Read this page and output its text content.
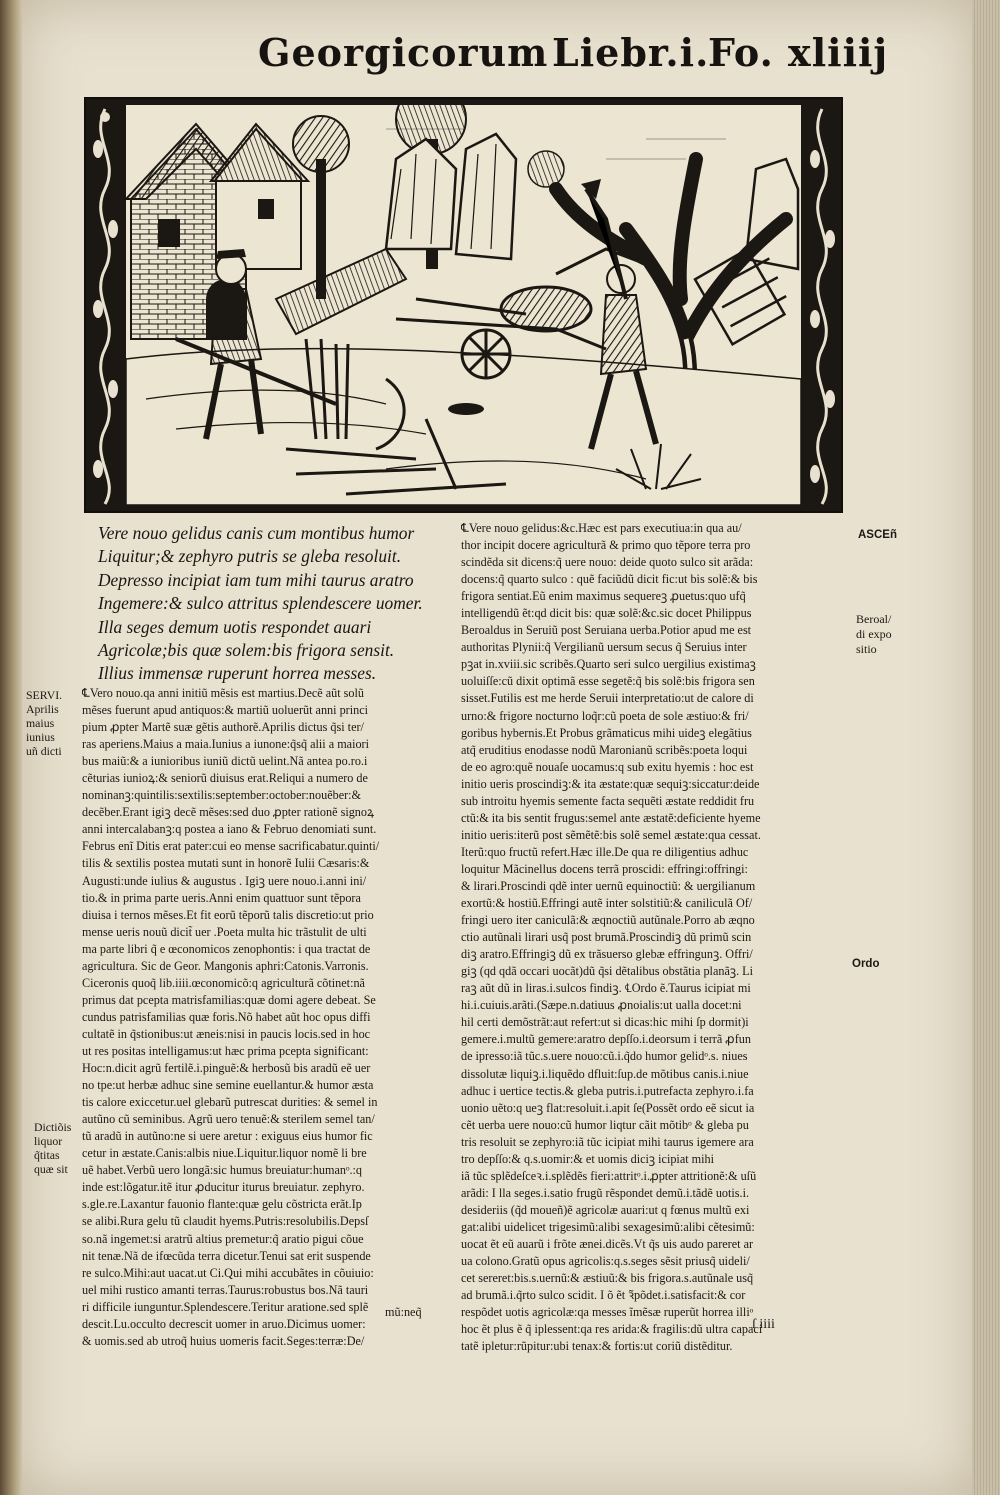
Georgicorum Liebr.i.
Fo. xliiij
Vere nouo gelidus canis cum montibus humor
Liquitur;& zephyro putris se gleba resoluit.
Depresso incipiat iam tum mihi taurus aratro
Ingemere:& sulco attritus splendescere uomer.
Illa seges demum uotis respondet auari
Agricolæ;bis quæ solem:bis frigora sensit.
Illius immensæ ruperunt horrea messes.
℄Vero nouo.qa anni initiũ mẽsis est martius.Decẽ aũt solũ
mẽses fuerunt apud antiquos:& martiũ uoluerũt anni princi
pium ꝓpter Martẽ suæ gẽtis authorẽ.Aprilis dictus q̃si ter/
ras aperiens.Maius a maia.Iunius a iunone:q̃sq̃ alii a maiori
bus maiũ:& a iunioribus iuniũ dictũ uelint.Nã antea po.ro.i
cẽturias iunioꝝ:& seniorũ diuisus erat.Reliqui a numero de
nominanꝫ:quintilis:sextilis:september:october:nouẽber:&
decẽber.Erant igiꝫ decẽ mẽses:sed duo ꝓpter rationẽ signoꝝ
anni intercalabanꝫ:q postea a iano & Februo denomiati sunt.
Februs enĩ Ditis erat pater:cui eo mense sacrificabatur.quinti/
tilis & sextilis postea mutati sunt in honorẽ Iulii Cæsaris:&
Augusti:unde iulius & augustus . Igiꝫ uere nouo.i.anni ini/
tio.& in prima parte ueris.Anni enim quattuor sunt tẽpora
diuisa i ternos mẽses.Et fit eorũ tẽporũ talis discretio:ut prio
mense ueris nouũ dicit̃ uer .Poeta multa hic trãstulit de ulti
ma parte libri q̃ e œconomicos zenophontis: i qua tractat de
agricultura. Sic de Geor. Mangonis aphri:Catonis.Varronis.
Ciceronis quoq̃ lib.iiii.œconomicõ:q agriculturã cõtinet:nã
primus dat pcepta matrisfamilias:quæ domi agere debeat. Se
cundus patrisfamilias quæ foris.Nõ habet aũt hoc opus diffi
cultatẽ in q̃stionibus:ut æneis:nisi in paucis locis.sed in hoc
ut res positas intelligamus:ut hæc prima pcepta significant:
Hoc:n.dicit agrũ fertilẽ.i.pinguẽ:& herbosũ bis aradũ eẽ uer
no tpe:ut herbæ adhuc sine semine euellantur.& humor æsta
tis calore exiccetur.uel glebarũ putrescat durities: & semel in
autũno cũ seminibus. Agrũ uero tenuẽ:& sterilem semel tan/
tũ aradũ in autũno:ne si uere aretur : exiguus eius humor fic
cetur in æstate.Canis:albis niue.Liquitur.liquor nomẽ li bre
uẽ habet.Verbũ uero longã:sic humus breuiatur:humanᵒ.:q
inde est:lõgatur.itẽ itur ꝓducitur iturus breuiatur. zephyro.
s.gle.re.Laxantur fauonio flante:quæ gelu cõstricta erãt.Ip
se alibi.Rura gelu tũ claudit hyems.Putris:resolubilis.Depsſ
so.nã ingemet:si aratrũ altius premetur:q̃ aratio pigui cõue
nit tenæ.Nã de ifœcũda terra dicetur.Tenui sat erit suspende
re sulco.Mihi:aut uacat.ut Ci.Qui mihi accubãtes in cõuiuio:
uel mihi rustico amanti terras.Taurus:robustus bos.Nã tauri
ri difficile iunguntur.Splendescere.Teritur aratione.sed splẽ
descit.Lu.occulto decrescit uomer in aruo.Dicimus uomer:
& uomis.sed ab utroq̃ huius uomeris facit.Seges:terræ:De/
mũ:neq̃
℄Vere nouo gelidus:&c.Hæc est pars executiua:in qua au/
thor incipit docere agriculturã & primo quo tẽpore terra pro
scindẽda sit dicens:q̃ uere nouo: deide quoto sulco sit arãda:
docens:q̃ quarto sulco : quẽ faciũdũ dicit fic:ut bis solẽ:& bis
frigora sentiat.Eũ enim maximus sequereꝫ ꝓuetus:quo ufq̃
intelligendũ ẽt:qd dicit bis: quæ solẽ:&c.sic docet Philippus
Beroaldus in Seruiũ post Seruiana uerba.Potior apud me est
authoritas Plynii:q̃ Vergilianũ uersum secus q̃ Seruius inter
pꝫat in.xviii.sic scribẽs.Quarto seri sulco uergilius existimaꝫ
uoluiſſe:cũ dixit optimã esse segetẽ:q̃ bis solẽ:bis frigora sen
sisset.Futilis est me herde Seruii interpretatio:ut de calore di
urno:& frigore nocturno loq̃r:cũ poeta de sole æstiuo:& fri/
goribus hybernis.Et Probus grãmaticus mihi uideꝫ elegãtius
atq̃ eruditius enodasse nodũ Maronianũ scribẽs:poeta loqui
de eo agro:quẽ nouaſe uocamus:q sub exitu hyemis : hoc est
initio ueris proscindiꝫ:& ita æstate:quæ sequiꝫ:siccatur:deide
sub introitu hyemis semente facta sequẽti æstate reddidit fru
ctũ:& ita bis sentit frugus:semel ante æstatẽ:deficiente hyeme
initio ueris:iterũ post sẽmẽtẽ:bis solẽ semel æstate:qua cessat.
Iterũ:quo fructũ refert.Hæc ille.De qua re diligentius adhuc
loquitur Mãcinellus docens terrã proscidi: effringi:offringi:
& lirari.Proscindi qdẽ inter uernũ equinoctiũ: & uergilianum
exortũ:& hostiũ.Effringi autẽ inter solstitiũ:& caniliculã Of/
fringi uero iter caniculã:& æqnoctiũ autũnale.Porro ab æqno
ctio autũnali lirari usq̃ post brumã.Proscindiꝫ dũ primũ scin
diꝫ aratro.Effringiꝫ dũ ex trãsuerso glebæ effringunꝫ. Offri/
giꝫ (qd qdã occari uocãt)dũ q̃si dẽtalibus obstãtia planãꝫ. Li
raꝫ aũt dũ in liras.i.sulcos findiꝫ. ℄Ordo ẽ.Taurus icipiat mi
hi.i.cuiuis.arãti.(Sæpe.n.datiuus ꝓnoialis:ut ualla docet:ni
hil certi demõstrãt:aut refert:ut si dicas:hic mihi ſp dormit)i
gemere.i.multũ gemere:aratro depſſo.i.deorsum i terrã ꝓfun
de ipresso:iã tũc.s.uere nouo:cũ.i.q̃do humor gelidᵒ.s. niues
dissolutæ liquiꝫ.i.liquẽdo dfluit:ſup.de mõtibus canis.i.niue
adhuc i uertice tectis.& gleba putris.i.putrefacta zephyro.i.fa
uonio uẽto:q ueꝫ flat:resoluit.i.apit ſe(Possẽt ordo eẽ sicut ia
cẽt uerba uere nouo:cũ humor liqtur cãit mõtibᵒ & gleba pu
tris resoluit se zephyro:iã tũc icipiat mihi taurus igemere ara
tro depſſo:& q.s.uomir:& et uomis diciꝫ icipiat mihi
iã tũc splẽdeſceꝛ.i.splẽdẽs fieri:attritᵒ.i.ꝓpter attritionẽ:& uſũ
arãdi: I lla seges.i.satio frugũ rẽspondet demũ.i.tãdẽ uotis.i.
desiderііs (q̃d moueñ)ẽ agricolæ auari:ut q fœnus multũ exi
gat:alibi uidelicet trigesimũ:alibi sexagesimũ:alibi cẽtesimũ:
uocat ẽt eũ auarũ i frõte ænei.dicẽs.Vt q̃s uis audo pareret ar
ua colono.Gratũ opus agricolis:q.s.seges sẽsit priusq̃ uideli/
cet sereret:bis.s.uernũ:& æstiuũ:& bis frigora.s.autũnale usq̃
ad brumã.i.q̃rto sulco scidit. I õ ẽt ꝛ̃põdet.i.satisfacit:& cor
respõdet uotis agricolæ:qa messes ĩmẽsæ ruperũt horrea illiᵒ
hoc ẽt plus ẽ q̃ iplessent:qa res arida:& fragilis:dũ ultra capaci
tatẽ ipletur:rũpitur:ubi tenax:& fortis:ut coriũ distẽditur.
ſ iiii
SERVI.
Aprilis
maius
iunius
uñ dicti
Dictiõis
liquor
q̃titas
quæ sit
ASCEñ
Beroal/
di expo
sitio
Ordo
